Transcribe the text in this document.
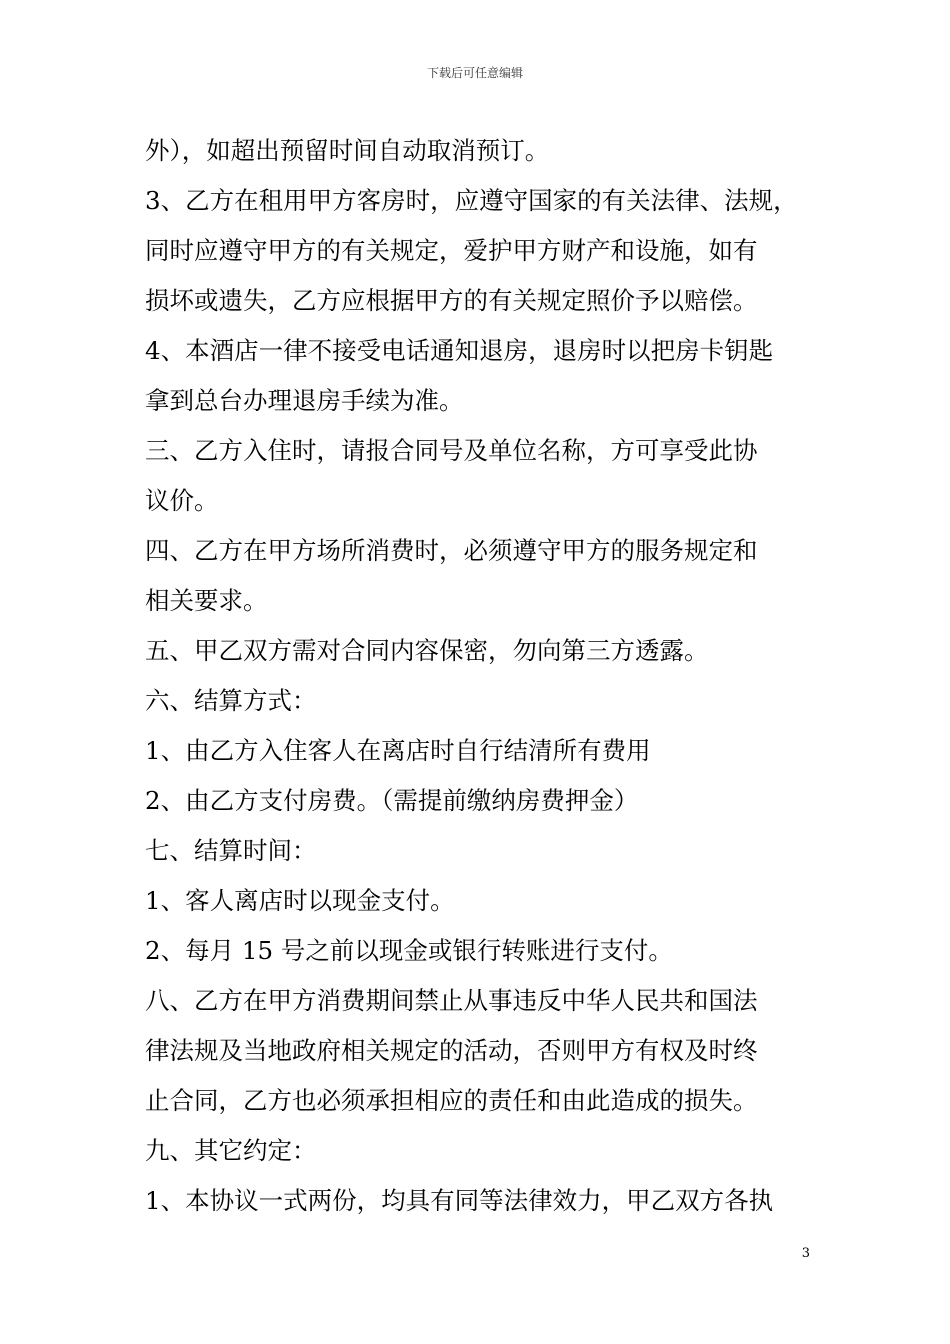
下载后可任意编辑
外），如超出预留时间自动取消预订。
3、乙方在租用甲方客房时，应遵守国家的有关法律、法规，
同时应遵守甲方的有关规定，爱护甲方财产和设施，如有
损坏或遗失，乙方应根据甲方的有关规定照价予以赔偿。
4、本酒店一律不接受电话通知退房，退房时以把房卡钥匙
拿到总台办理退房手续为准。
三、乙方入住时，请报合同号及单位名称，方可享受此协
议价。
四、乙方在甲方场所消费时，必须遵守甲方的服务规定和
相关要求。
五、甲乙双方需对合同内容保密，勿向第三方透露。
六、结算方式：
1、由乙方入住客人在离店时自行结清所有费用
2、由乙方支付房费。（需提前缴纳房费押金）
七、结算时间：
1、客人离店时以现金支付。
2、每月 15 号之前以现金或银行转账进行支付。
八、乙方在甲方消费期间禁止从事违反中华人民共和国法
律法规及当地政府相关规定的活动，否则甲方有权及时终
止合同，乙方也必须承担相应的责任和由此造成的损失。
九、其它约定：
1、本协议一式两份，均具有同等法律效力，甲乙双方各执
3
